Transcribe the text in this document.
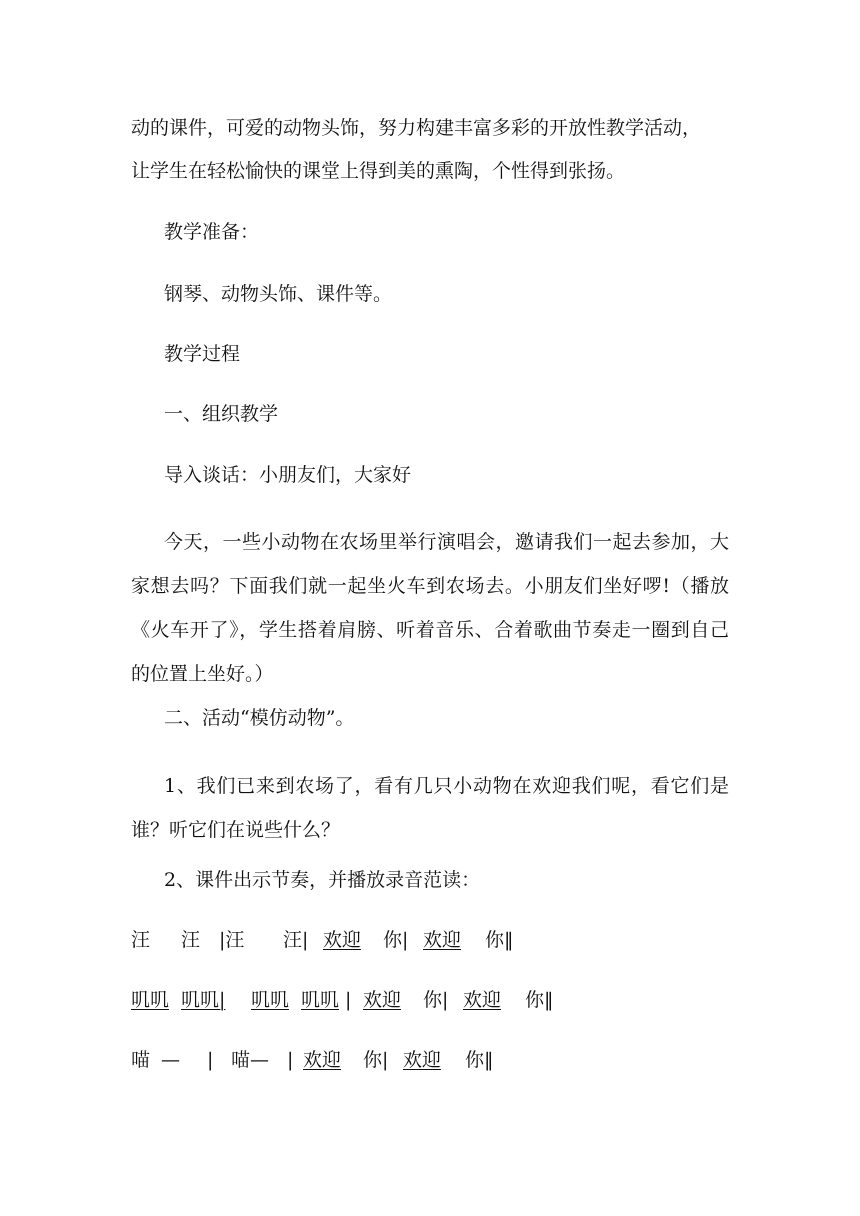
动的课件，可爱的动物头饰，努力构建丰富多彩的开放性教学活动，
让学生在轻松愉快的课堂上得到美的熏陶，个性得到张扬。
教学准备：
钢琴、动物头饰、课件等。
教学过程
一、组织教学
导入谈话：小朋友们，大家好
今天，一些小动物在农场里举行演唱会，邀请我们一起去参加，大家想去吗？下面我们就一起坐火车到农场去。小朋友们坐好啰!（播放《火车开了》，学生搭着肩膀、听着音乐、合着歌曲节奏走一圈到自己的位置上坐好。）
二、活动“模仿动物”。
1、我们已来到农场了，看有几只小动物在欢迎我们呢，看它们是谁？听它们在说些什么？
2、课件出示节奏，并播放录音范读：
汪 汪 |汪 汪| 欢迎 你| 欢迎 你‖
叽叽 叽叽| 叽叽 叽叽 | 欢迎 你| 欢迎 你‖
喵 — | 喵— | 欢迎 你| 欢迎 你‖
